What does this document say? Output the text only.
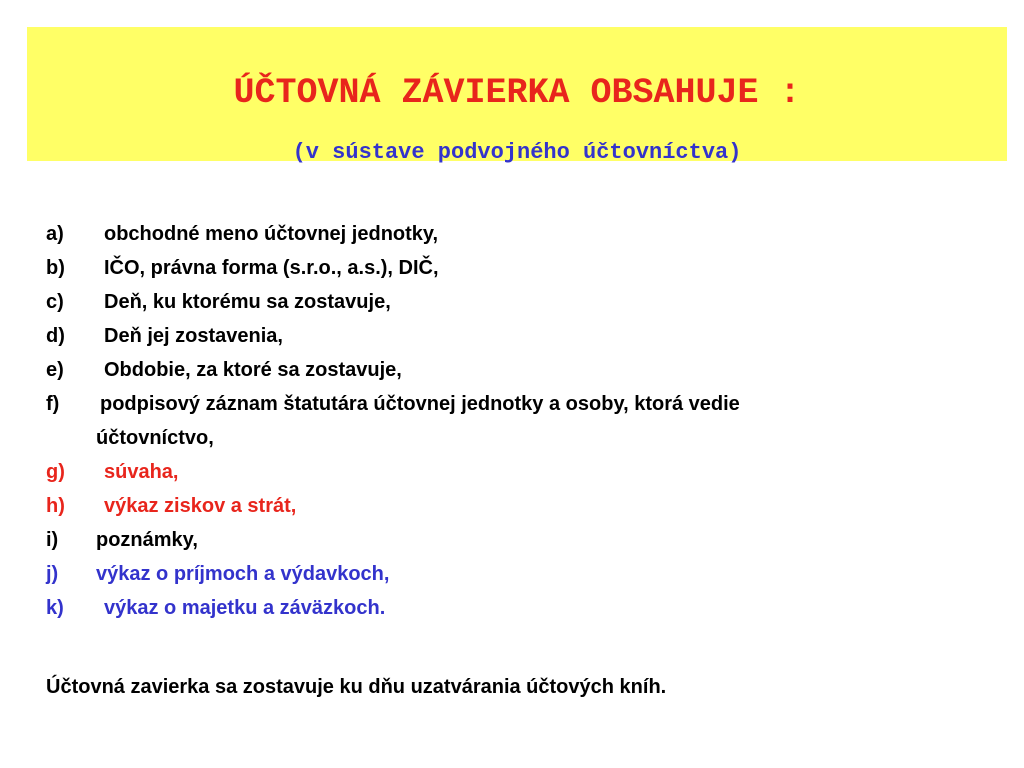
ÚČTOVNÁ ZÁVIERKA OBSAHUJE :
(v sústave podvojného účtovníctva)
a) obchodné meno účtovnej jednotky,
b) IČO, právna forma (s.r.o., a.s.), DIČ,
c) Deň, ku ktorému sa zostavuje,
d) Deň jej zostavenia,
e) Obdobie, za ktoré sa zostavuje,
f) podpisový záznam štatutára účtovnej jednotky a osoby, ktorá vedie
účtovníctvo,
g) súvaha,
h) výkaz ziskov a strát,
i) poznámky,
j) výkaz o príjmoch a výdavkoch,
k) výkaz o majetku a záväzkoch.

Účtovná zavierka sa zostavuje ku dňu uzatvárania účtových kníh.
